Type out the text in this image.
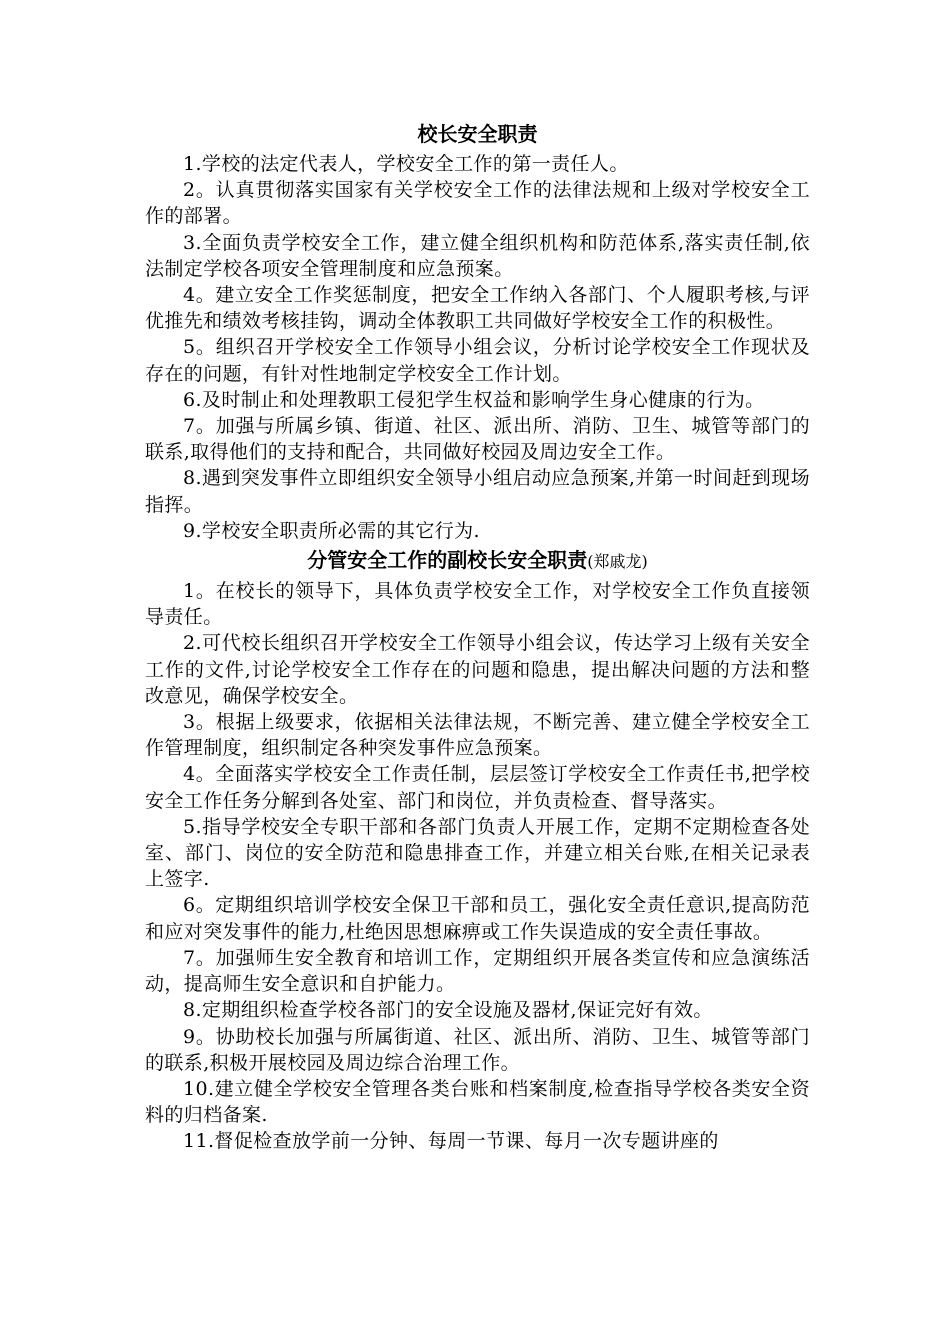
校长安全职责

1.学校的法定代表人，学校安全工作的第一责任人。

2。认真贯彻落实国家有关学校安全工作的法律法规和上级对学校安全工作的部署。

3.全面负责学校安全工作，建立健全组织机构和防范体系,落实责任制,依法制定学校各项安全管理制度和应急预案。

4。建立安全工作奖惩制度，把安全工作纳入各部门、个人履职考核,与评优推先和绩效考核挂钩，调动全体教职工共同做好学校安全工作的积极性。

5。组织召开学校安全工作领导小组会议，分析讨论学校安全工作现状及存在的问题，有针对性地制定学校安全工作计划。

6.及时制止和处理教职工侵犯学生权益和影响学生身心健康的行为。

7。加强与所属乡镇、街道、社区、派出所、消防、卫生、城管等部门的联系,取得他们的支持和配合，共同做好校园及周边安全工作。

8.遇到突发事件立即组织安全领导小组启动应急预案,并第一时间赶到现场指挥。

9.学校安全职责所必需的其它行为.

分管安全工作的副校长安全职责(郑戚龙)

1。在校长的领导下，具体负责学校安全工作，对学校安全工作负直接领导责任。

2.可代校长组织召开学校安全工作领导小组会议，传达学习上级有关安全工作的文件,讨论学校安全工作存在的问题和隐患，提出解决问题的方法和整改意见，确保学校安全。

3。根据上级要求，依据相关法律法规，不断完善、建立健全学校安全工作管理制度，组织制定各种突发事件应急预案。

4。全面落实学校安全工作责任制，层层签订学校安全工作责任书,把学校安全工作任务分解到各处室、部门和岗位，并负责检查、督导落实。

5.指导学校安全专职干部和各部门负责人开展工作，定期不定期检查各处室、部门、岗位的安全防范和隐患排查工作，并建立相关台账,在相关记录表上签字.

6。定期组织培训学校安全保卫干部和员工，强化安全责任意识,提高防范和应对突发事件的能力,杜绝因思想麻痹或工作失误造成的安全责任事故。

7。加强师生安全教育和培训工作，定期组织开展各类宣传和应急演练活动，提高师生安全意识和自护能力。

8.定期组织检查学校各部门的安全设施及器材,保证完好有效。

9。协助校长加强与所属街道、社区、派出所、消防、卫生、城管等部门的联系,积极开展校园及周边综合治理工作。

10.建立健全学校安全管理各类台账和档案制度,检查指导学校各类安全资料的归档备案.

11.督促检查放学前一分钟、每周一节课、每月一次专题讲座的
